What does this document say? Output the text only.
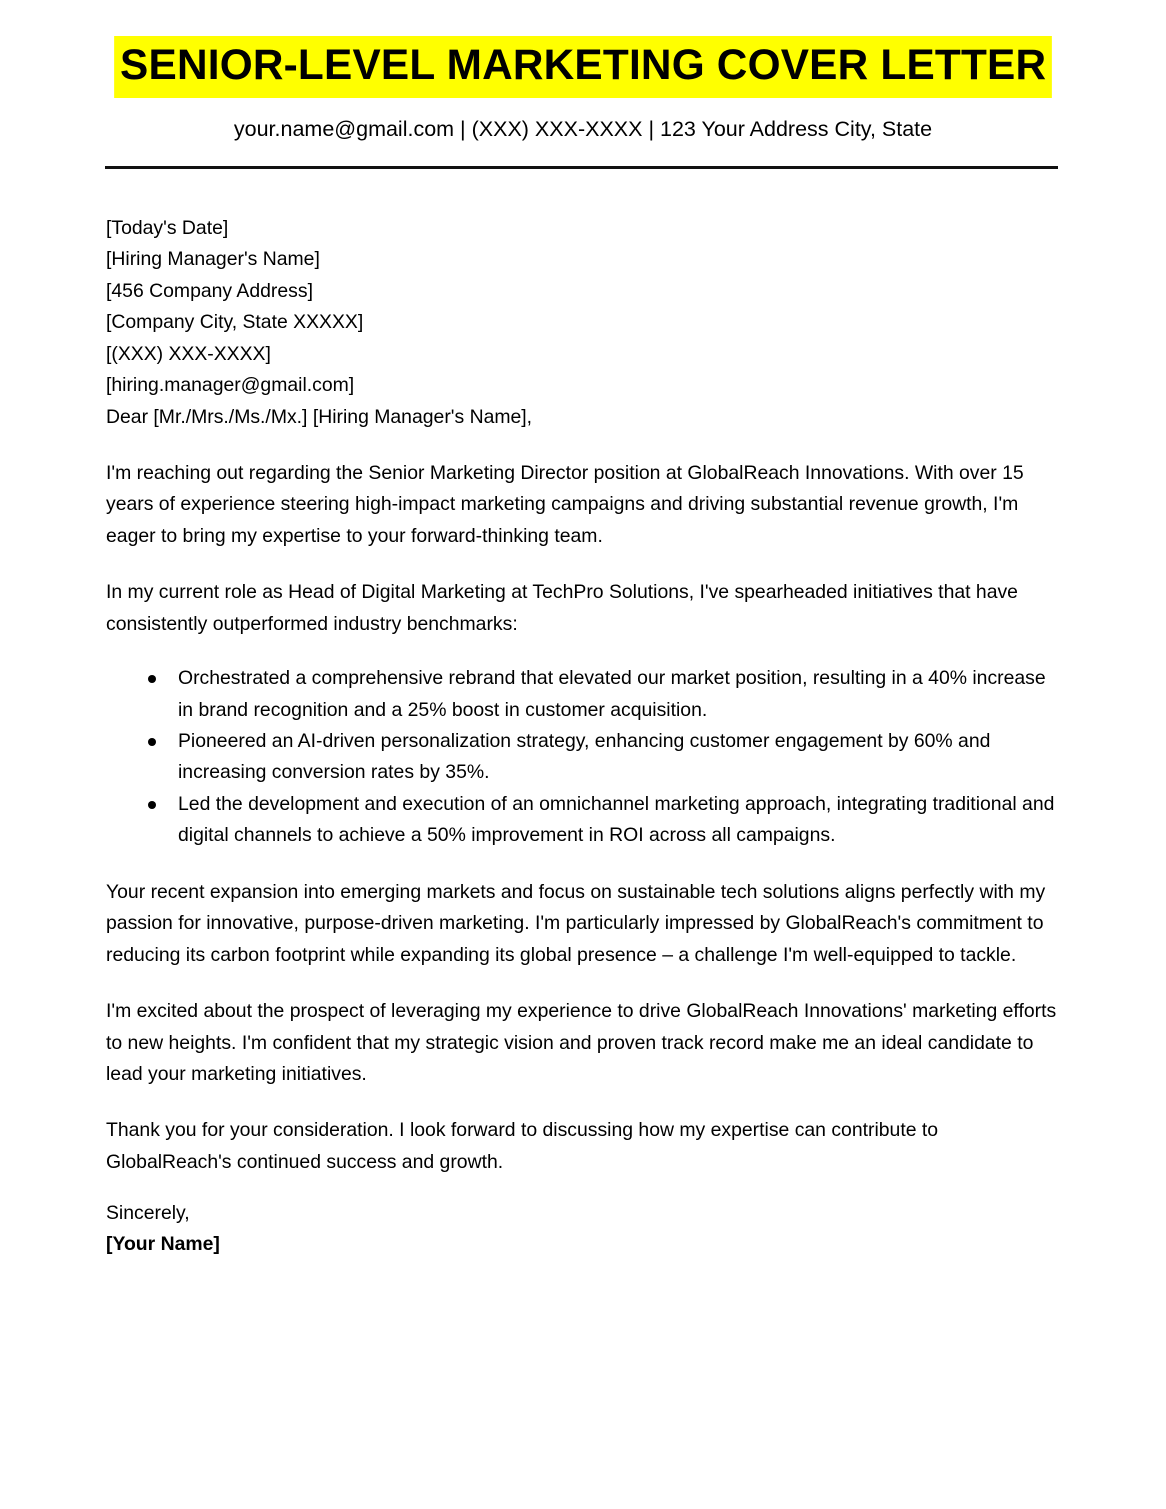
SENIOR-LEVEL MARKETING COVER LETTER
your.name@gmail.com | (XXX) XXX-XXXX | 123 Your Address City, State
[Today's Date]
[Hiring Manager's Name]
[456 Company Address]
[Company City, State XXXXX]
[(XXX) XXX-XXXX]
[hiring.manager@gmail.com]
Dear [Mr./Mrs./Ms./Mx.] [Hiring Manager's Name],

I'm reaching out regarding the Senior Marketing Director position at GlobalReach Innovations. With over 15 years of experience steering high-impact marketing campaigns and driving substantial revenue growth, I'm eager to bring my expertise to your forward-thinking team.

In my current role as Head of Digital Marketing at TechPro Solutions, I've spearheaded initiatives that have consistently outperformed industry benchmarks:

Orchestrated a comprehensive rebrand that elevated our market position, resulting in a 40% increase in brand recognition and a 25% boost in customer acquisition.
Pioneered an AI-driven personalization strategy, enhancing customer engagement by 60% and increasing conversion rates by 35%.
Led the development and execution of an omnichannel marketing approach, integrating traditional and digital channels to achieve a 50% improvement in ROI across all campaigns.

Your recent expansion into emerging markets and focus on sustainable tech solutions aligns perfectly with my passion for innovative, purpose-driven marketing. I'm particularly impressed by GlobalReach's commitment to reducing its carbon footprint while expanding its global presence – a challenge I'm well-equipped to tackle.

I'm excited about the prospect of leveraging my experience to drive GlobalReach Innovations' marketing efforts to new heights. I'm confident that my strategic vision and proven track record make me an ideal candidate to lead your marketing initiatives.

Thank you for your consideration. I look forward to discussing how my expertise can contribute to GlobalReach's continued success and growth.

Sincerely,
[Your Name]
